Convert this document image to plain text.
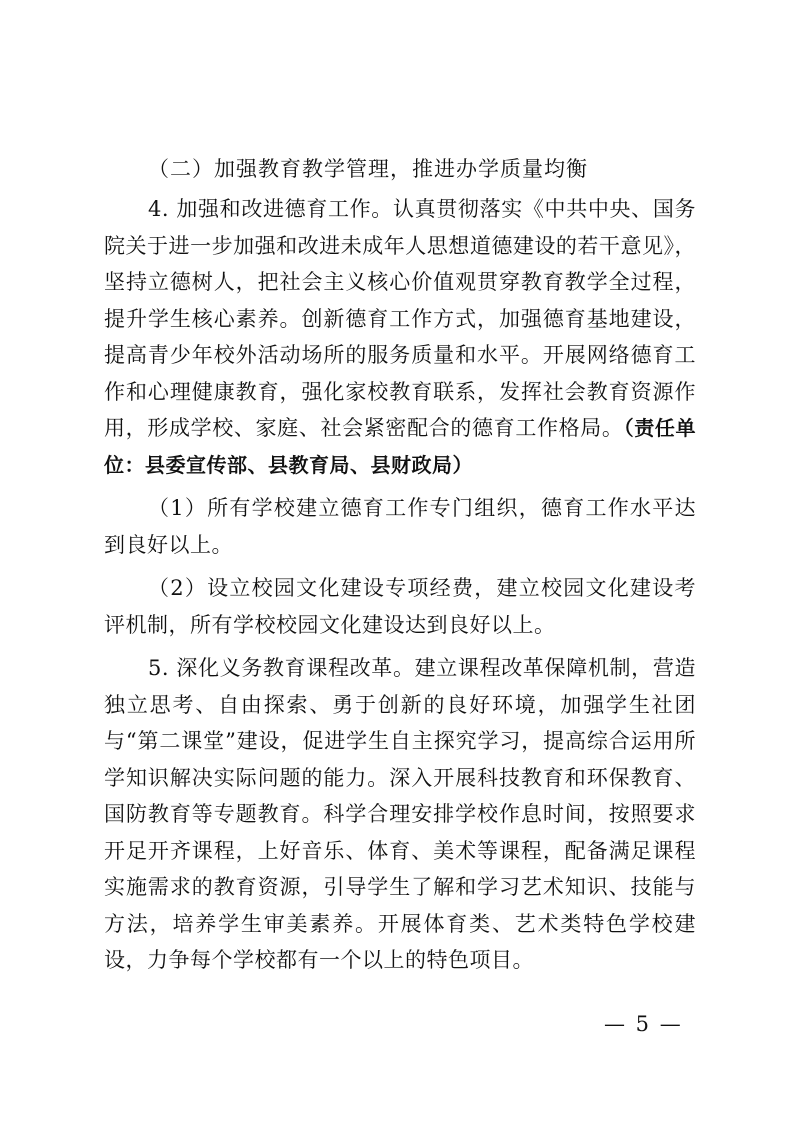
（二）加强教育教学管理，推进办学质量均衡

4. 加强和改进德育工作。认真贯彻落实《中共中央、国务院关于进一步加强和改进未成年人思想道德建设的若干意见》，坚持立德树人，把社会主义核心价值观贯穿教育教学全过程，提升学生核心素养。创新德育工作方式，加强德育基地建设，提高青少年校外活动场所的服务质量和水平。开展网络德育工作和心理健康教育，强化家校教育联系，发挥社会教育资源作用，形成学校、家庭、社会紧密配合的德育工作格局。（责任单位：县委宣传部、县教育局、县财政局）

（1）所有学校建立德育工作专门组织，德育工作水平达到良好以上。

（2）设立校园文化建设专项经费，建立校园文化建设考评机制，所有学校校园文化建设达到良好以上。

5. 深化义务教育课程改革。建立课程改革保障机制，营造独立思考、自由探索、勇于创新的良好环境，加强学生社团与“第二课堂”建设，促进学生自主探究学习，提高综合运用所学知识解决实际问题的能力。深入开展科技教育和环保教育、国防教育等专题教育。科学合理安排学校作息时间，按照要求开足开齐课程，上好音乐、体育、美术等课程，配备满足课程实施需求的教育资源，引导学生了解和学习艺术知识、技能与方法，培养学生审美素养。开展体育类、艺术类特色学校建设，力争每个学校都有一个以上的特色项目。

— 5 —
